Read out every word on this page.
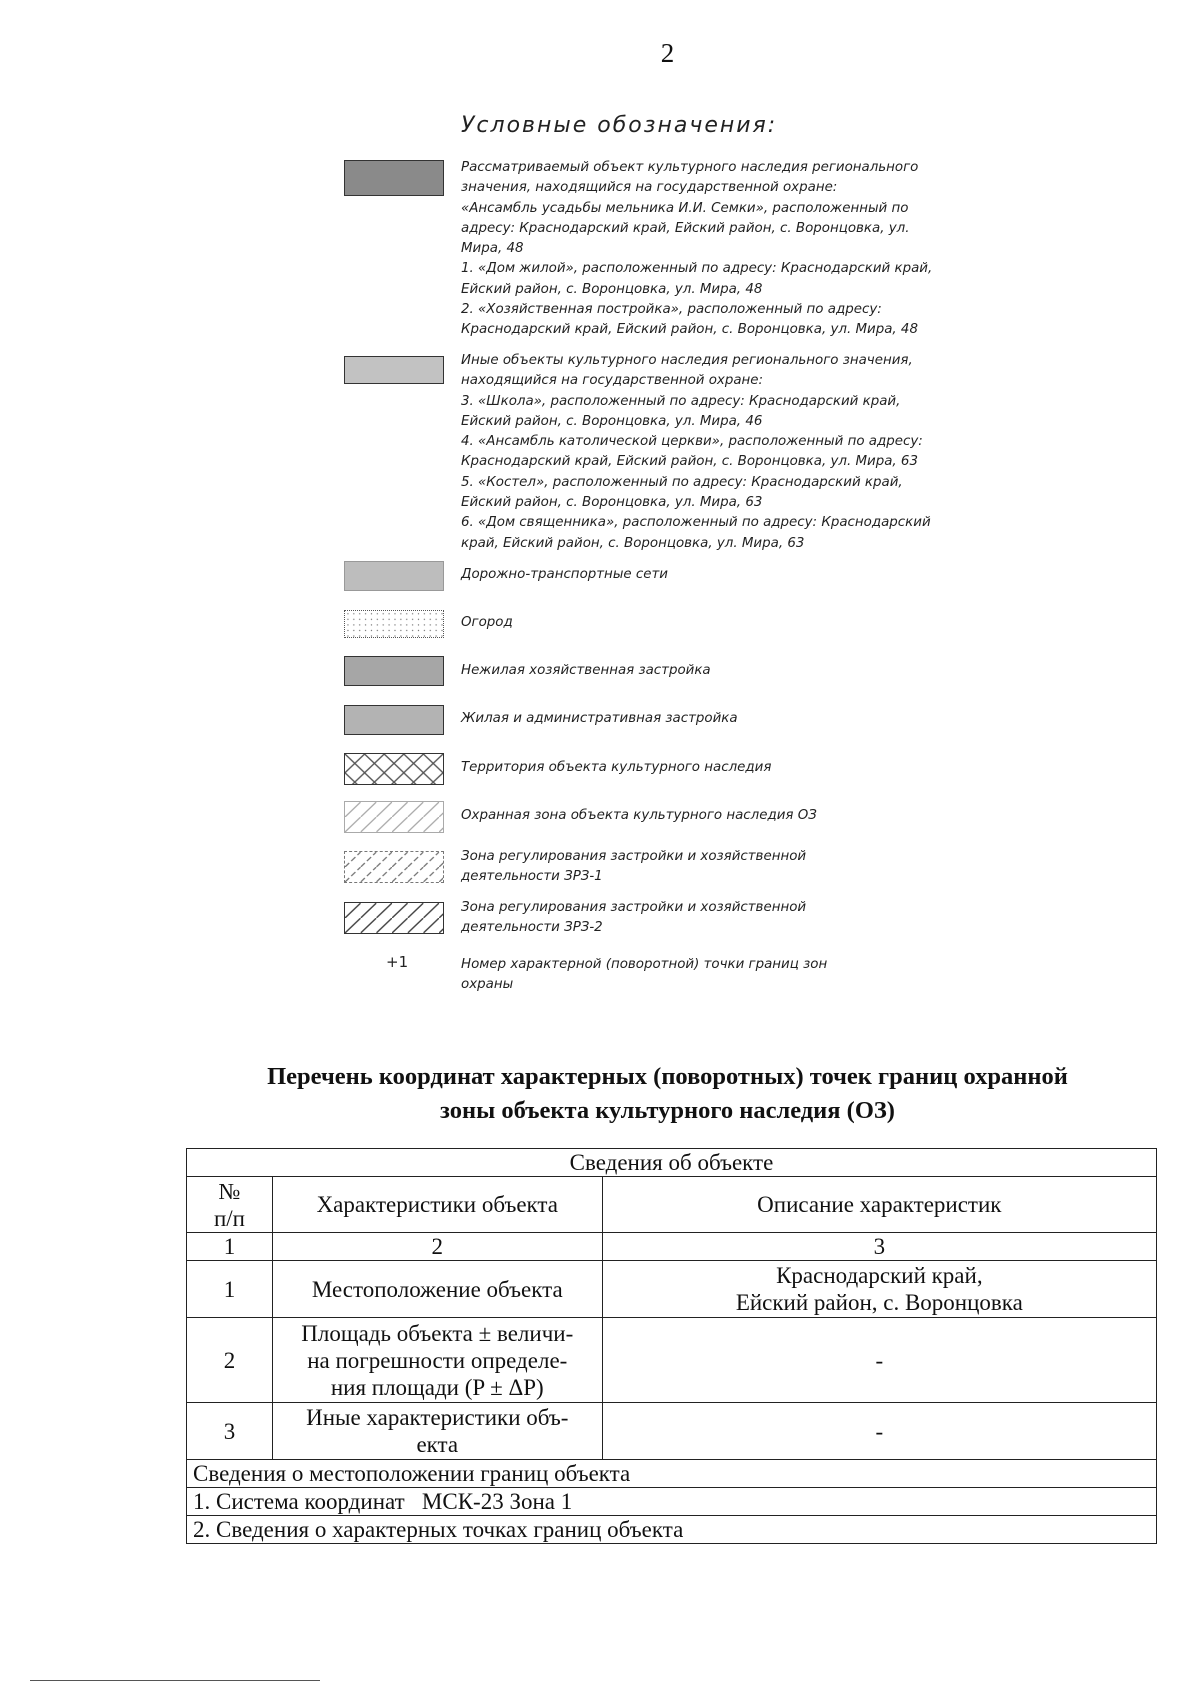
2
Условные обозначения:
Рассматриваемый объект культурного наследия регионального
значения, находящийся на государственной охране:
«Ансамбль усадьбы мельника И.И. Семки», расположенный по
адресу: Краснодарский край, Ейский район, с. Воронцовка, ул.
Мира, 48
1. «Дом жилой», расположенный по адресу: Краснодарский край,
Ейский район, с. Воронцовка, ул. Мира, 48
2. «Хозяйственная постройка», расположенный по адресу:
Краснодарский край, Ейский район, с. Воронцовка, ул. Мира, 48
Иные объекты культурного наследия регионального значения,
находящийся на государственной охране:
3. «Школа», расположенный по адресу: Краснодарский край,
Ейский район, с. Воронцовка, ул. Мира, 46
4. «Ансамбль католической церкви», расположенный по адресу:
Краснодарский край, Ейский район, с. Воронцовка, ул. Мира, 63
5. «Костел», расположенный по адресу: Краснодарский край,
Ейский район, с. Воронцовка, ул. Мира, 63
6. «Дом священника», расположенный по адресу: Краснодарский
край, Ейский район, с. Воронцовка, ул. Мира, 63
Дорожно-транспортные сети
Огород
Нежилая хозяйственная застройка
Жилая и административная застройка
Территория объекта культурного наследия
Охранная зона объекта культурного наследия ОЗ
Зона регулирования застройки и хозяйственной
деятельности ЗРЗ-1
Зона регулирования застройки и хозяйственной
деятельности ЗРЗ-2
+1	Номер характерной (поворотной) точки границ зон
охраны
Перечень координат характерных (поворотных) точек границ охранной
зоны объекта культурного наследия (ОЗ)
Сведения об объекте		

№
п/п	Характеристики объекта	Описание характеристик
1	2	3
1	Местоположение объекта	Краснодарский край,
Ейский район, с. Воронцовка

2	Площадь объекта ± величи-
на погрешности определе-
ния площади (P ± ΔP)	-

3	Иные характеристики объ-
екта	-

Сведения о местоположении границ объекта		
1. Система координат   МСК-23 Зона 1		
2. Сведения о характерных точках границ объекта		
